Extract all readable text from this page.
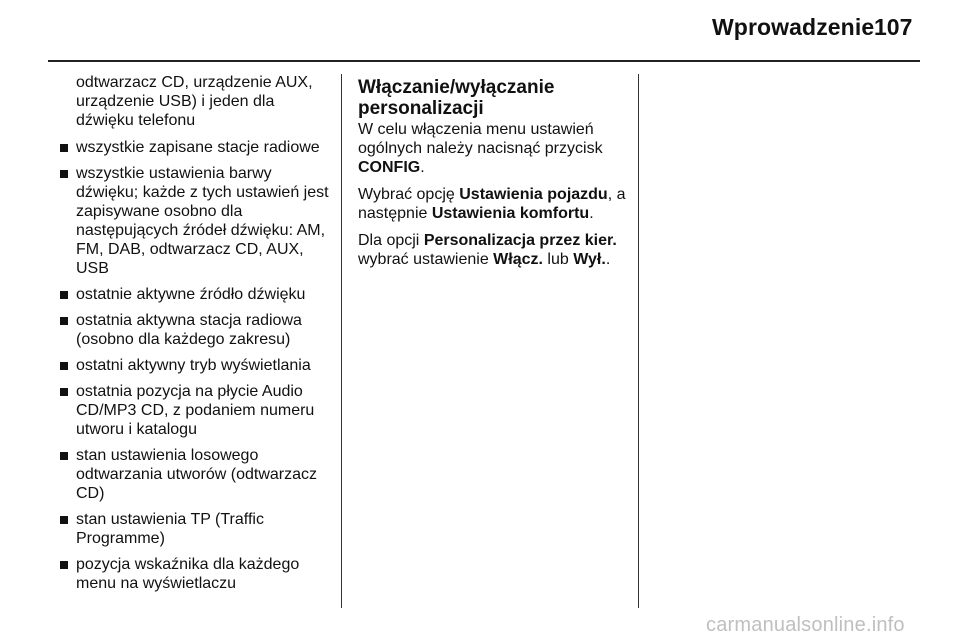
Wprowadzenie 107

odtwarzacz CD, urządzenie AUX, urządzenie USB) i jeden dla dźwięku telefonu

wszystkie zapisane stacje radiowe
wszystkie ustawienia barwy dźwięku; każde z tych ustawień jest zapisywane osobno dla następujących źródeł dźwięku: AM, FM, DAB, odtwarzacz CD, AUX, USB
ostatnie aktywne źródło dźwięku
ostatnia aktywna stacja radiowa (osobno dla każdego zakresu)
ostatni aktywny tryb wyświetlania
ostatnia pozycja na płycie Audio CD/MP3 CD, z podaniem numeru utworu i katalogu
stan ustawienia losowego odtwarzania utworów (odtwarzacz CD)
stan ustawienia TP (Traffic Programme)
pozycja wskaźnika dla każdego menu na wyświetlaczu
Włączanie/wyłączanie personalizacji

W celu włączenia menu ustawień ogólnych należy nacisnąć przycisk CONFIG.

Wybrać opcję Ustawienia pojazdu, a następnie Ustawienia komfortu.

Dla opcji Personalizacja przez kier. wybrać ustawienie Włącz. lub Wył..

carmanualsonline.info
